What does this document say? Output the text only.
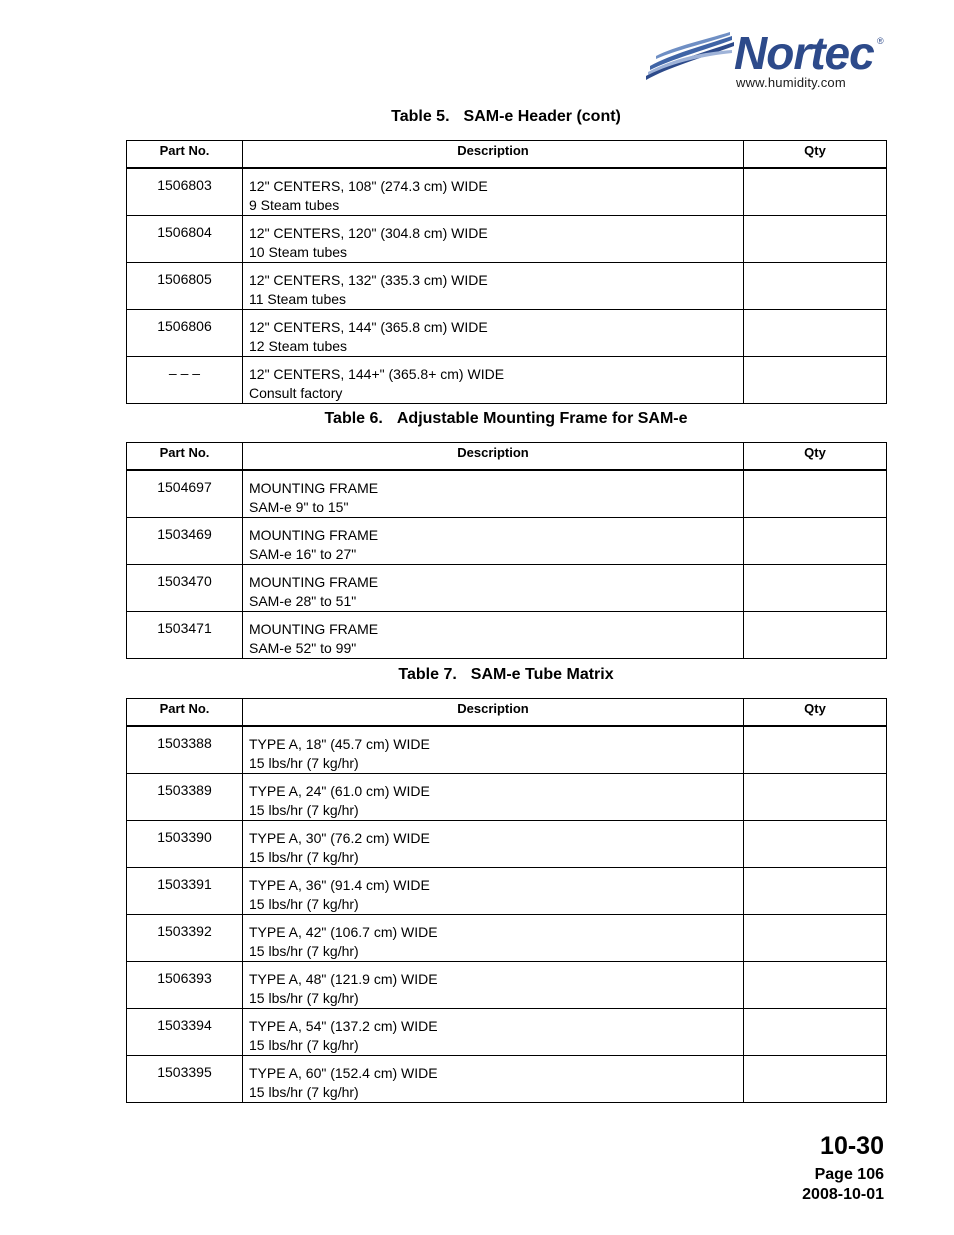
Nortec ®
www.humidity.com
Table 5. SAM-e Header (cont)
Part No.	Description	Qty
1506803	12" CENTERS, 108" (274.3 cm) WIDE
9 Steam tubes	

1506804	12" CENTERS, 120" (304.8 cm) WIDE
10 Steam tubes	

1506805	12" CENTERS, 132" (335.3 cm) WIDE
11 Steam tubes	

1506806	12" CENTERS, 144" (365.8 cm) WIDE
12 Steam tubes	

– – –	12" CENTERS, 144+" (365.8+ cm) WIDE
Consult factory	

Table 6. Adjustable Mounting Frame for SAM-e
Part No.	Description	Qty
1504697	MOUNTING FRAME
SAM-e 9" to 15"	

1503469	MOUNTING FRAME
SAM-e 16" to 27"	

1503470	MOUNTING FRAME
SAM-e 28" to 51"	

1503471	MOUNTING FRAME
SAM-e 52" to 99"	

Table 7. SAM-e Tube Matrix
Part No.	Description	Qty
1503388	TYPE A, 18" (45.7 cm) WIDE
15 lbs/hr (7 kg/hr)	

1503389	TYPE A, 24" (61.0 cm) WIDE
15 lbs/hr (7 kg/hr)	

1503390	TYPE A, 30" (76.2 cm) WIDE
15 lbs/hr (7 kg/hr)	

1503391	TYPE A, 36" (91.4 cm) WIDE
15 lbs/hr (7 kg/hr)	

1503392	TYPE A, 42" (106.7 cm) WIDE
15 lbs/hr (7 kg/hr)	

1506393	TYPE A, 48" (121.9 cm) WIDE
15 lbs/hr (7 kg/hr)	

1503394	TYPE A, 54" (137.2 cm) WIDE
15 lbs/hr (7 kg/hr)	

1503395	TYPE A, 60" (152.4 cm) WIDE
15 lbs/hr (7 kg/hr)	

10-30
Page 106
2008-10-01
